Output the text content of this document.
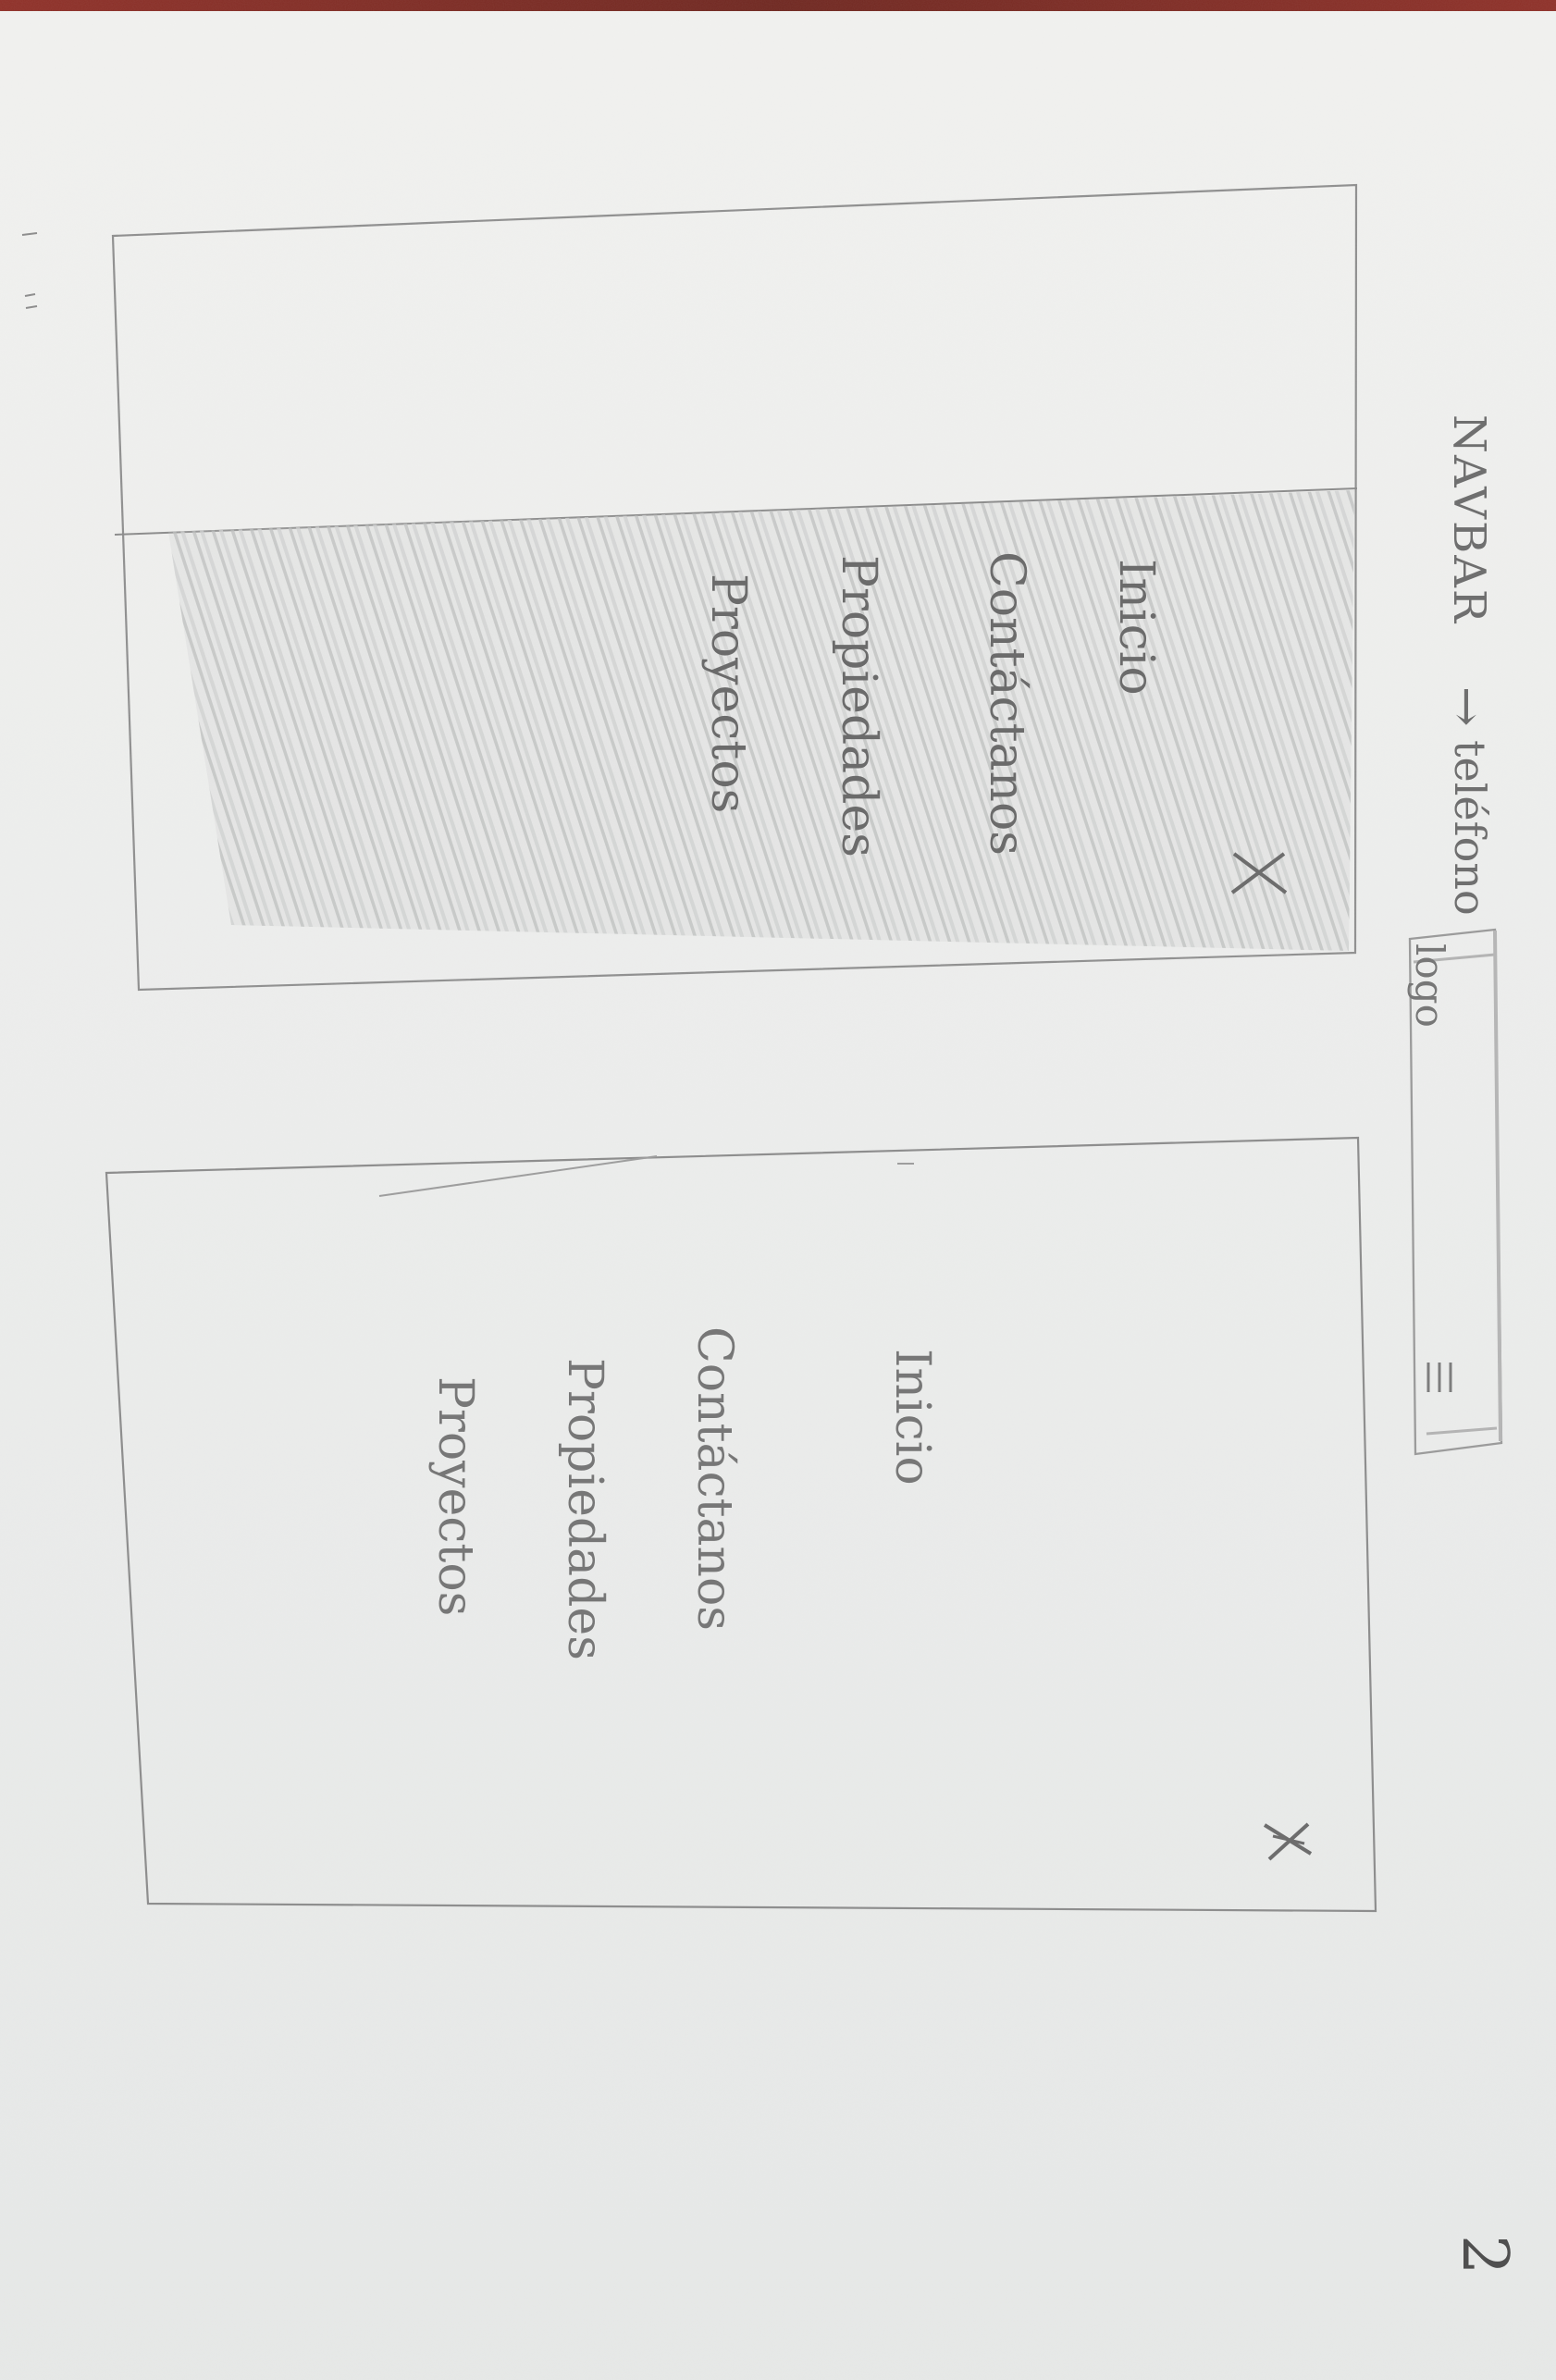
NAVBAR
→
teléfono
Inicio
Contáctanos
Propiedades
Proyectos
logo
Inicio
Contáctanos
Propiedades
Proyectos
2
